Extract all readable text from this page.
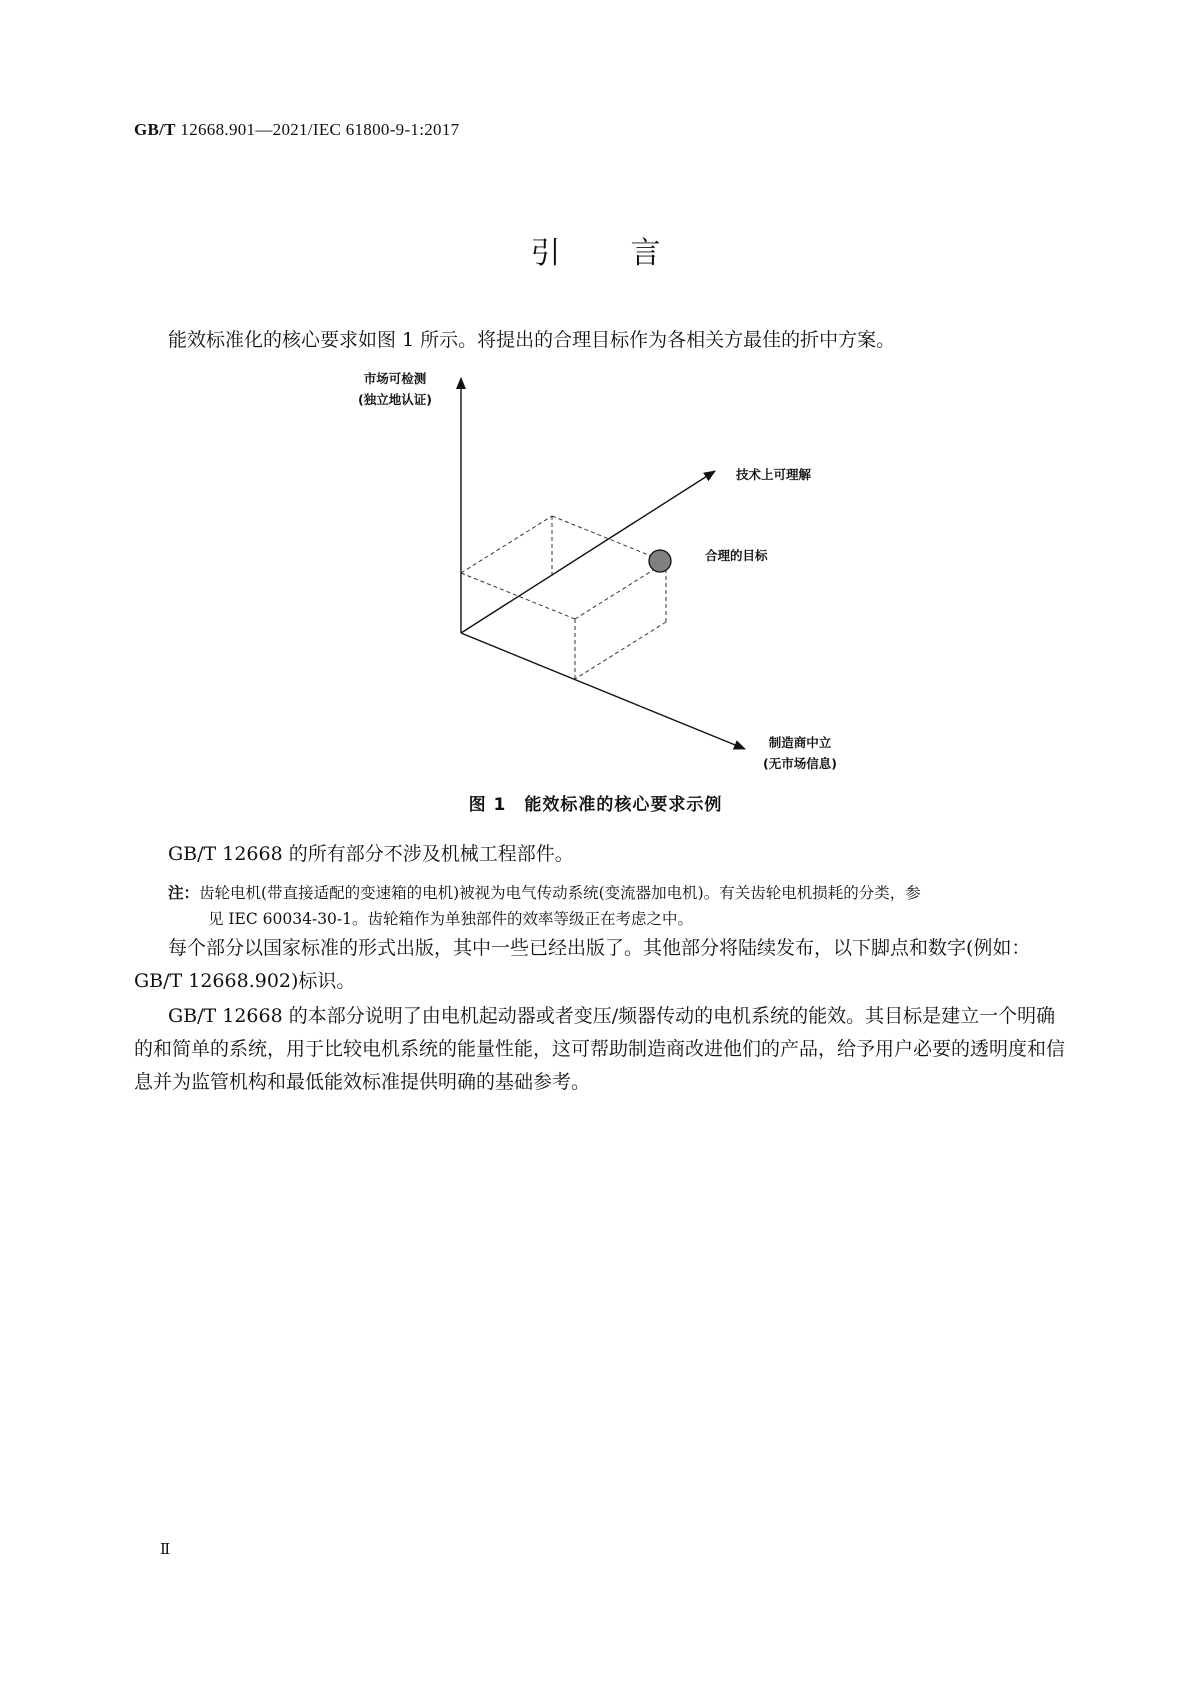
GB/T 12668.901—2021/IEC 61800-9-1:2017
引言

能效标准化的核心要求如图 1 所示。将提出的合理目标作为各相关方最佳的折中方案。

市场可检测
(独立地认证)
技术上可理解
合理的目标
制造商中立
(无市场信息)
图 1　能效标准的核心要求示例

GB/T 12668 的所有部分不涉及机械工程部件。

注：齿轮电机(带直接适配的变速箱的电机)被视为电气传动系统(变流器加电机)。有关齿轮电机损耗的分类，参
见 IEC 60034-30-1。齿轮箱作为单独部件的效率等级正在考虑之中。

每个部分以国家标准的形式出版，其中一些已经出版了。其他部分将陆续发布，以下脚点和数字(例如：GB/T 12668.902)标识。

GB/T 12668 的本部分说明了由电机起动器或者变压/频器传动的电机系统的能效。其目标是建立一个明确的和简单的系统，用于比较电机系统的能量性能，这可帮助制造商改进他们的产品，给予用户必要的透明度和信息并为监管机构和最低能效标准提供明确的基础参考。

Ⅱ
